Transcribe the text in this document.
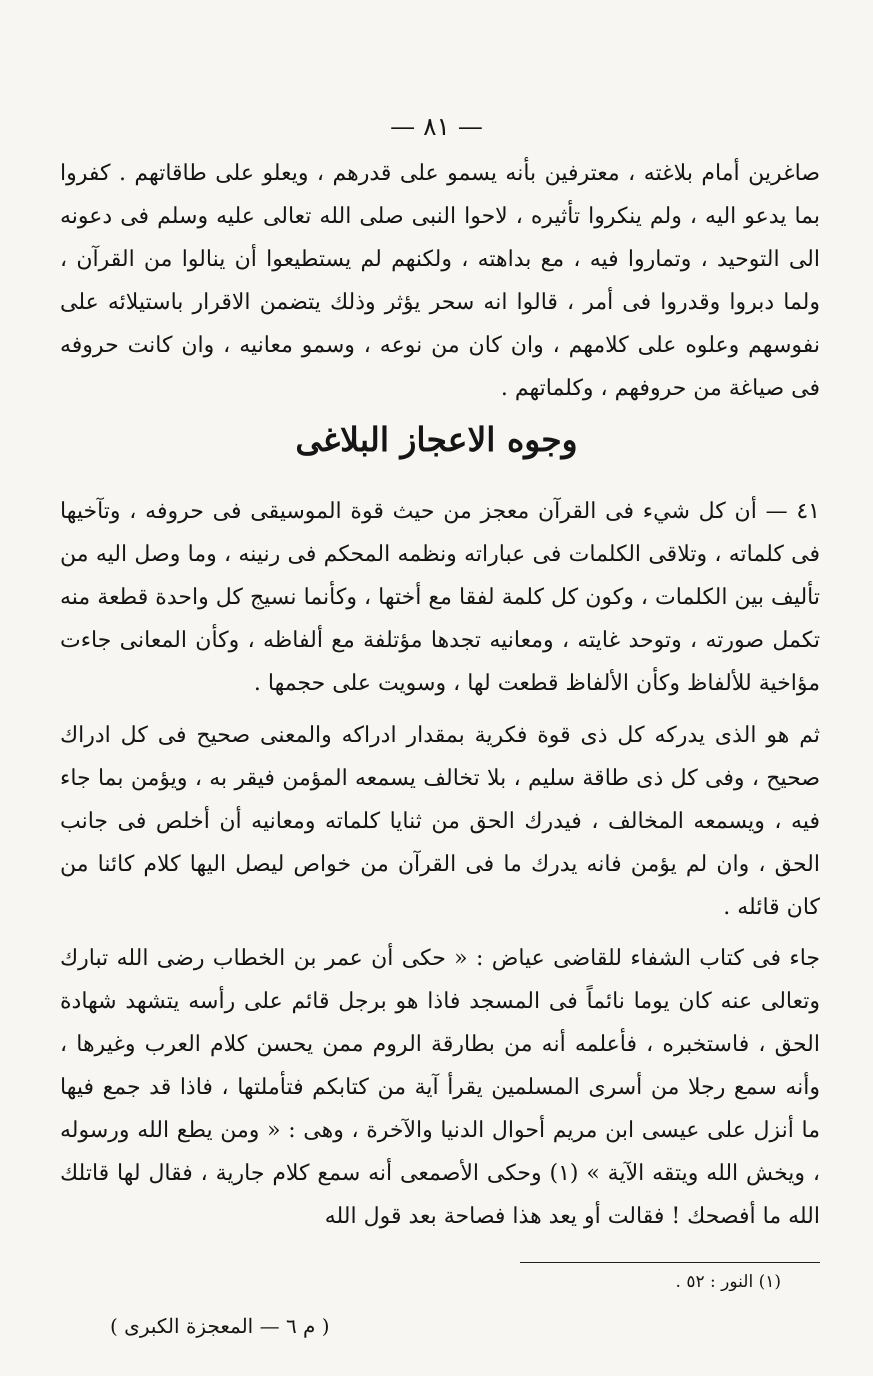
— ٨١ —

صاغرين أمام بلاغته ، معترفين بأنه يسمو على قدرهم ، ويعلو على طاقاتهم . كفروا بما يدعو اليه ، ولم ينكروا تأثيره ، لاحوا النبى صلى الله تعالى عليه وسلم فى دعونه الى التوحيد ، وتماروا فيه ، مع بداهته ، ولكنهم لم يستطيعوا أن ينالوا من القرآن ، ولما دبروا وقدروا فى أمر ، قالوا انه سحر يؤثر وذلك يتضمن الاقرار باستيلائه على نفوسهم وعلوه على كلامهم ، وان كان من نوعه ، وسمو معانيه ، وان كانت حروفه فى صياغة من حروفهم ، وكلماتهم .

وجوه الاعجاز البلاغى

٤١ — أن كل شيء فى القرآن معجز من حيث قوة الموسيقى فى حروفه ، وتآخيها فى كلماته ، وتلاقى الكلمات فى عباراته ونظمه المحكم فى رنينه ، وما وصل اليه من تأليف بين الكلمات ، وكون كل كلمة لفقا مع أختها ، وكأنما نسيج كل واحدة قطعة منه تكمل صورته ، وتوحد غايته ، ومعانيه تجدها مؤتلفة مع ألفاظه ، وكأن المعانى جاءت مؤاخية للألفاظ وكأن الألفاظ قطعت لها ، وسويت على حجمها .

ثم هو الذى يدركه كل ذى قوة فكرية بمقدار ادراكه والمعنى صحيح فى كل ادراك صحيح ، وفى كل ذى طاقة سليم ، بلا تخالف يسمعه المؤمن فيقر به ، ويؤمن بما جاء فيه ، ويسمعه المخالف ، فيدرك الحق من ثنايا كلماته ومعانيه أن أخلص فى جانب الحق ، وان لم يؤمن فانه يدرك ما فى القرآن من خواص ليصل اليها كلام كائنا من كان قائله .

جاء فى كتاب الشفاء للقاضى عياض : « حكى أن عمر بن الخطاب رضى الله تبارك وتعالى عنه كان يوما نائماً فى المسجد فاذا هو برجل قائم على رأسه يتشهد شهادة الحق ، فاستخبره ، فأعلمه أنه من بطارقة الروم ممن يحسن كلام العرب وغيرها ، وأنه سمع رجلا من أسرى المسلمين يقرأ آية من كتابكم فتأملتها ، فاذا قد جمع فيها ما أنزل على عيسى ابن مريم أحوال الدنيا والآخرة ، وهى : « ومن يطع الله ورسوله ، ويخش الله ويتقه الآية » (١) وحكى الأصمعى أنه سمع كلام جارية ، فقال لها قاتلك الله ما أفصحك ! فقالت أو يعد هذا فصاحة بعد قول الله

(١) النور : ٥٢ .
( م ٦ — المعجزة الكبرى )
